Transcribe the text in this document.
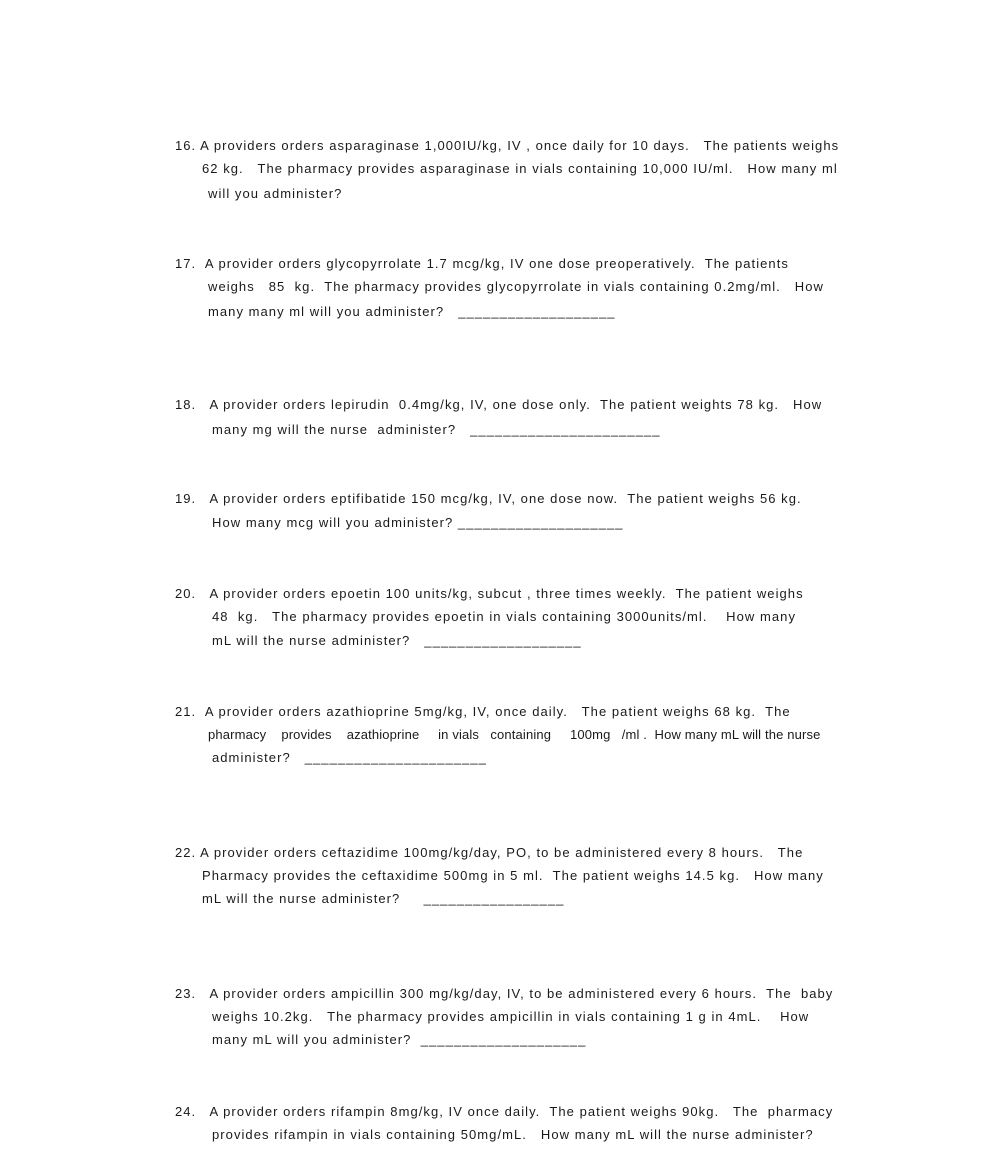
16. A providers orders asparaginase 1,000IU/kg, IV , once daily for 10 days.   The patients weighs
62 kg.   The pharmacy provides asparaginase in vials containing 10,000 IU/ml.   How many ml
will you administer?
17.  A provider orders glycopyrrolate 1.7 mcg/kg, IV one dose preoperatively.  The patients
weighs   85  kg.  The pharmacy provides glycopyrrolate in vials containing 0.2mg/ml.   How
many many ml will you administer?   ___________________
18.   A provider orders lepirudin  0.4mg/kg, IV, one dose only.  The patient weights 78 kg.   How
many mg will the nurse  administer?   _______________________
19.   A provider orders eptifibatide 150 mcg/kg, IV, one dose now.  The patient weighs 56 kg.
How many mcg will you administer? ____________________
20.   A provider orders epoetin 100 units/kg, subcut , three times weekly.  The patient weighs
48  kg.   The pharmacy provides epoetin in vials containing 3000units/ml.    How many
mL will the nurse administer?   ___________________
21.  A provider orders azathioprine 5mg/kg, IV, once daily.   The patient weighs 68 kg.  The
pharmacy    provides    azathioprine     in vials   containing     100mg   /ml .  How many mL will the nurse
administer?   ______________________
22. A provider orders ceftazidime 100mg/kg/day, PO, to be administered every 8 hours.   The
Pharmacy provides the ceftaxidime 500mg in 5 ml.  The patient weighs 14.5 kg.   How many
mL will the nurse administer?     _________________
23.   A provider orders ampicillin 300 mg/kg/day, IV, to be administered every 6 hours.  The  baby
weighs 10.2kg.   The pharmacy provides ampicillin in vials containing 1 g in 4mL.    How
many mL will you administer?  ____________________
24.   A provider orders rifampin 8mg/kg, IV once daily.  The patient weighs 90kg.   The  pharmacy
provides rifampin in vials containing 50mg/mL.   How many mL will the nurse administer?
